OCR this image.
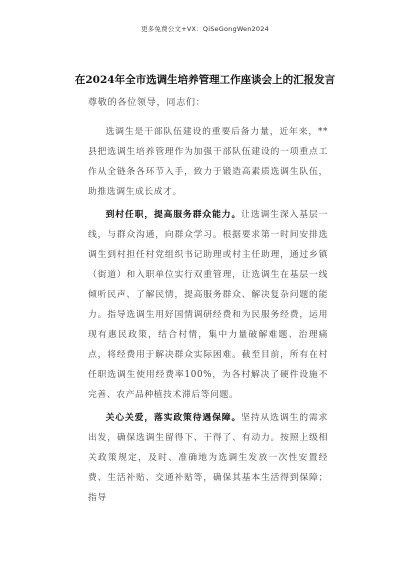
更多免费公文+VX：QiSeGongWen2024
在2024年全市选调生培养管理工作座谈会上的汇报发言

尊敬的各位领导，同志们：

选调生是干部队伍建设的重要后备力量，近年来，**县把选调生培养管理作为加强干部队伍建设的一项重点工作从全链条各环节入手，致力于锻造高素质选调生队伍，助推选调生成长成才。

到村任职，提高服务群众能力。让选调生深入基层一线，与群众沟通，向群众学习。根据要求第一时间安排选调生到村担任村党组织书记助理或村主任助理，通过乡镇（街道）和入职单位实行双重管理，让选调生在基层一线倾听民声、了解民情，提高服务群众、解决复杂问题的能力。指导选调生用好国情调研经费和为民服务经费，运用现有惠民政策，结合村情，集中力量破解难题、治理痛点，将经费用于解决群众实际困难。截至目前，所有在村任职选调生使用经费率100%，为各村解决了硬件设施不完善、农产品种植技术滞后等问题。

关心关爱，落实政策待遇保障。坚持从选调生的需求出发，确保选调生留得下、干得了、有动力。按照上级相关政策规定，及时、准确地为选调生发放一次性安置经费、生活补贴、交通补贴等，确保其基本生活得到保障；指导
